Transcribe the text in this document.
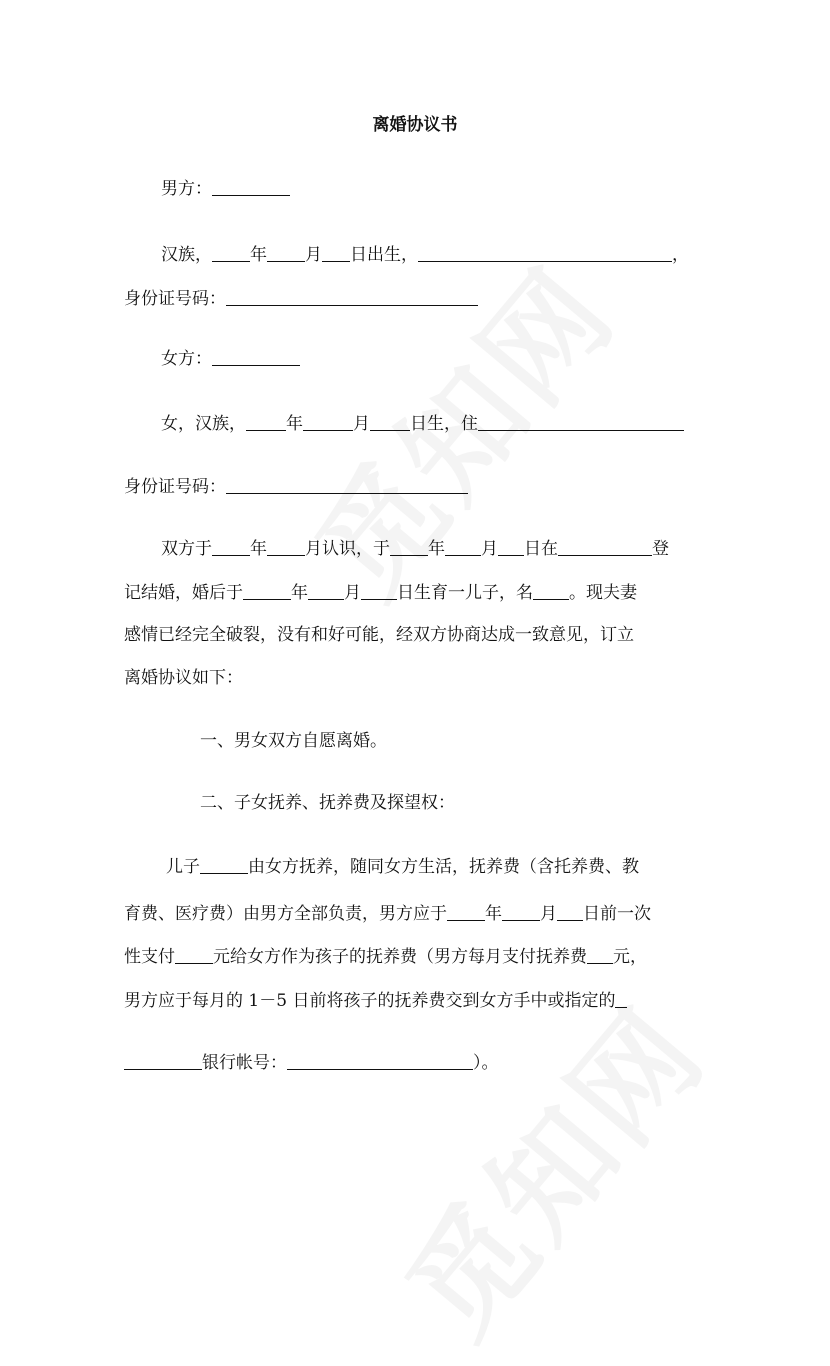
离婚协议书
男方：
汉族， 年 月 日出生，	，
身份证号码：
女方：
女，汉族， 年	月 日生，住
身份证号码：
双方于 年 月认识，于 年 月 日在	登
记结婚，婚后于	年 月 日生育一儿子，名 。现夫妻
感情已经完全破裂，没有和好可能，经双方协商达成一致意见，订立
离婚协议如下：
一、男女双方自愿离婚。
二、子女抚养、抚养费及探望权：
儿子	由女方抚养，随同女方生活，抚养费（含托养费、教
育费、医疗费）由男方全部负责，男方应于 年 月 日前一次
性支付 元给女方作为孩子的抚养费（男方每月支付抚养费 元，
男方应于每月的 1－5 日前将孩子的抚养费交到女方手中或指定的
银行帐号：	）。
